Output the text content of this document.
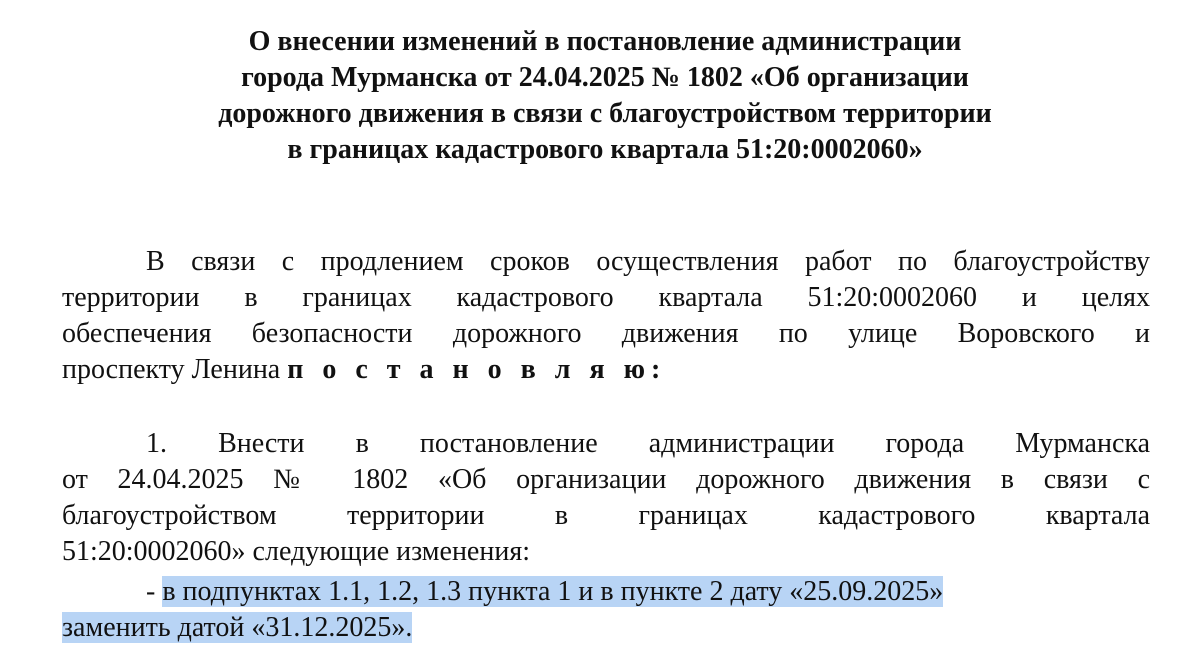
О внесении изменений в постановление администрации
города Мурманска от 24.04.2025 № 1802 «Об организации
дорожного движения в связи с благоустройством территории
в границах кадастрового квартала 51:20:0002060»
В связи с продлением сроков осуществления работ по благоустройству
территории в границах кадастрового квартала 51:20:0002060 и целях
обеспечения безопасности дорожного движения по улице Воровского и
проспекту Ленина п о с т а н о в л я ю:
1. Внести в постановление администрации города Мурманска
от 24.04.2025 № 1802 «Об организации дорожного движения в связи с
благоустройством территории в границах кадастрового квартала
51:20:0002060» следующие изменения:
- в подпунктах 1.1, 1.2, 1.3 пункта 1 и в пункте 2 дату «25.09.2025»
заменить датой «31.12.2025».
